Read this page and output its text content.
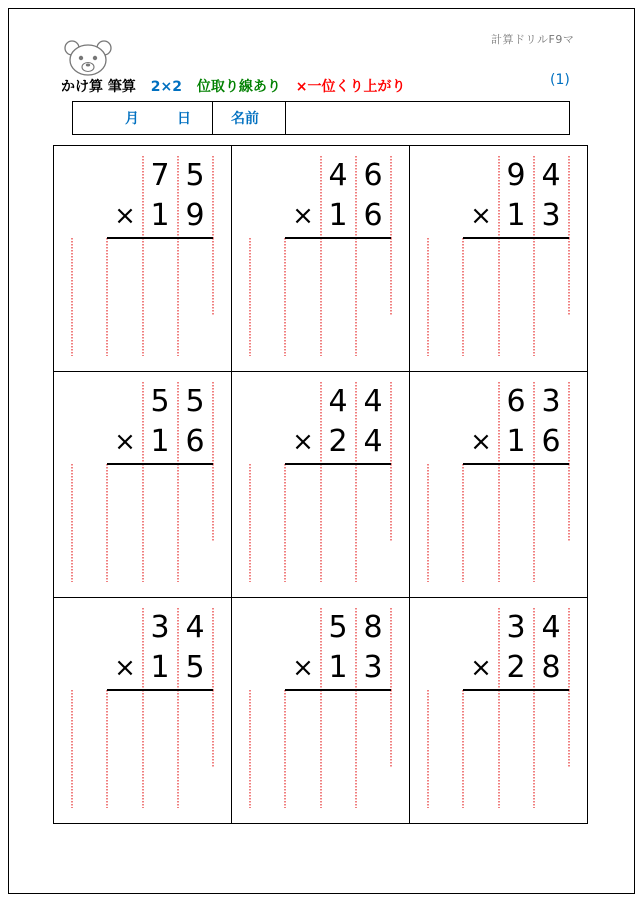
計算ドリルF9マ
かけ算 筆算 2×2 位取り線あり ×一位くり上がり	(1)
月	日	名前
7 5
1 9
×
4 6
1 6
×
9 4
1 3
×
5 5
1 6
×
4 4
2 4
×
6 3
1 6
×
3 4
1 5
×
5 8
1 3
×
3 4
2 8
×
